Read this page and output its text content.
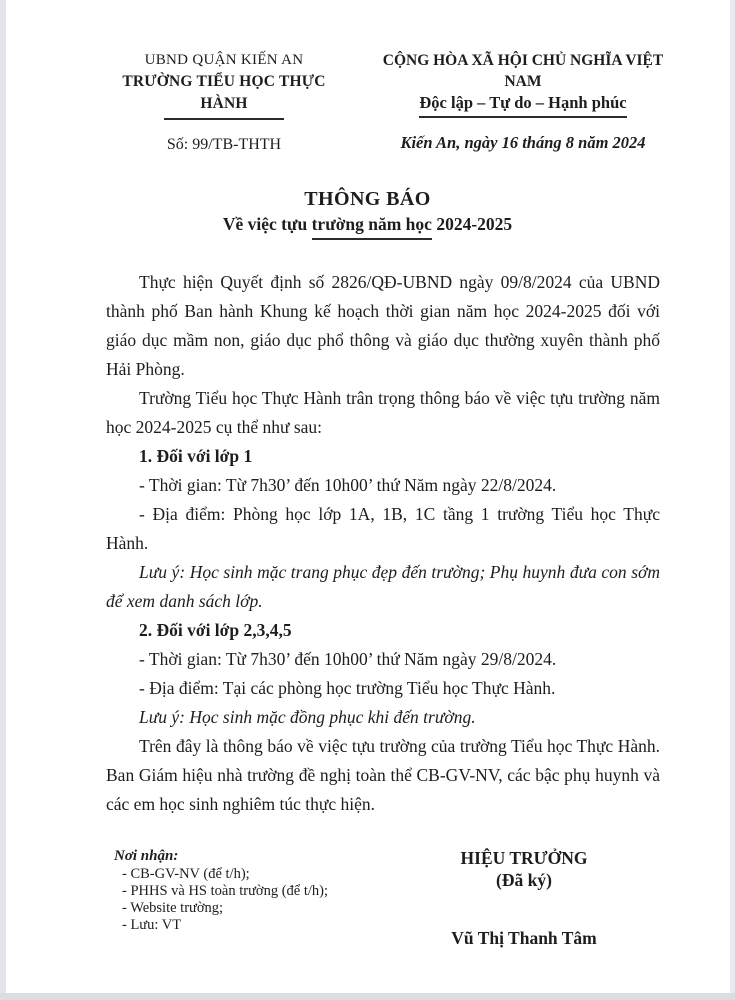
UBND QUẬN KIẾN AN
TRƯỜNG TIỂU HỌC THỰC HÀNH
Số: 99/TB-THTH
CỘNG HÒA XÃ HỘI CHỦ NGHĨA VIỆT NAM
Độc lập – Tự do – Hạnh phúc
Kiến An, ngày 16 tháng 8 năm 2024
THÔNG BÁO
Về việc tựu trường năm học 2024-2025

Thực hiện Quyết định số 2826/QĐ-UBND ngày 09/8/2024 của UBND thành phố Ban hành Khung kế hoạch thời gian năm học 2024-2025 đối với giáo dục mầm non, giáo dục phổ thông và giáo dục thường xuyên thành phố Hải Phòng.

Trường Tiểu học Thực Hành trân trọng thông báo về việc tựu trường năm học 2024-2025 cụ thể như sau:

1. Đối với lớp 1

- Thời gian: Từ 7h30’ đến 10h00’ thứ Năm ngày 22/8/2024.

- Địa điểm: Phòng học lớp 1A, 1B, 1C tầng 1 trường Tiểu học Thực Hành.

Lưu ý: Học sinh mặc trang phục đẹp đến trường; Phụ huynh đưa con sớm để xem danh sách lớp.

2. Đối với lớp 2,3,4,5

- Thời gian: Từ 7h30’ đến 10h00’ thứ Năm ngày 29/8/2024.

- Địa điểm: Tại các phòng học trường Tiểu học Thực Hành.

Lưu ý: Học sinh mặc đồng phục khi đến trường.

Trên đây là thông báo về việc tựu trường của trường Tiểu học Thực Hành. Ban Giám hiệu nhà trường đề nghị toàn thể CB-GV-NV, các bậc phụ huynh và các em học sinh nghiêm túc thực hiện.

Nơi nhận:
- CB-GV-NV (để t/h);
- PHHS và HS toàn trường (để t/h);
- Website trường;
- Lưu: VT
HIỆU TRƯỞNG
(Đã ký)
Vũ Thị Thanh Tâm
